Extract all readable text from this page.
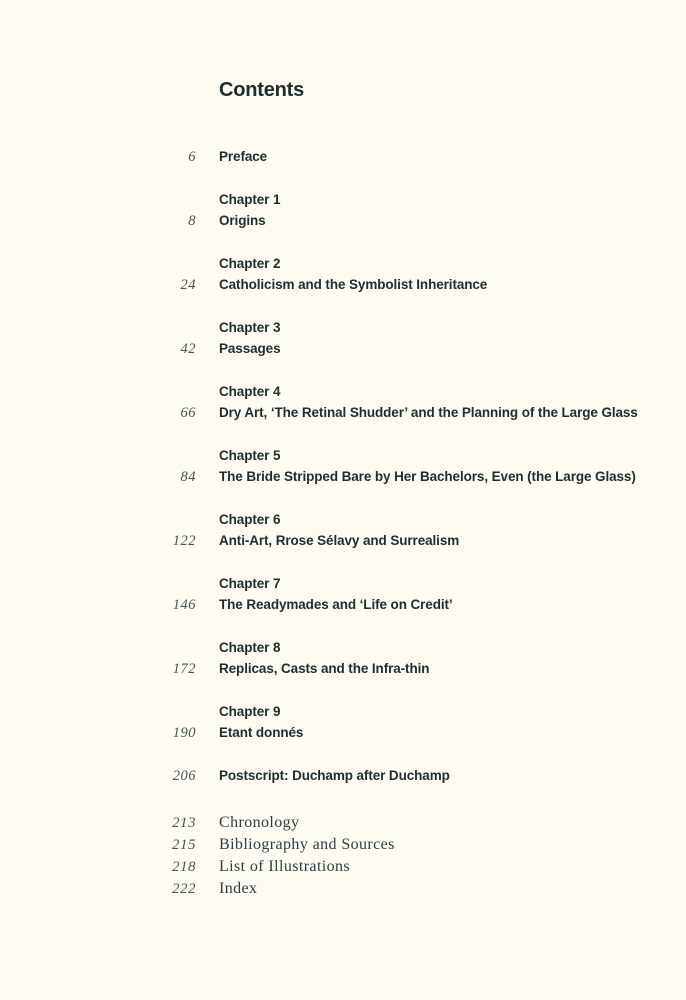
Contents
6 Preface
Chapter 1
8 Origins
Chapter 2
24 Catholicism and the Symbolist Inheritance
Chapter 3
42 Passages
Chapter 4
66 Dry Art, ‘The Retinal Shudder’ and the Planning of the Large Glass
Chapter 5
84 The Bride Stripped Bare by Her Bachelors, Even (the Large Glass)
Chapter 6
122 Anti-Art, Rrose Sélavy and Surrealism
Chapter 7
146 The Readymades and ‘Life on Credit’
Chapter 8
172 Replicas, Casts and the Infra-thin
Chapter 9
190 Etant donnés
206 Postscript: Duchamp after Duchamp
213 Chronology
215 Bibliography and Sources
218 List of Illustrations
222 Index
